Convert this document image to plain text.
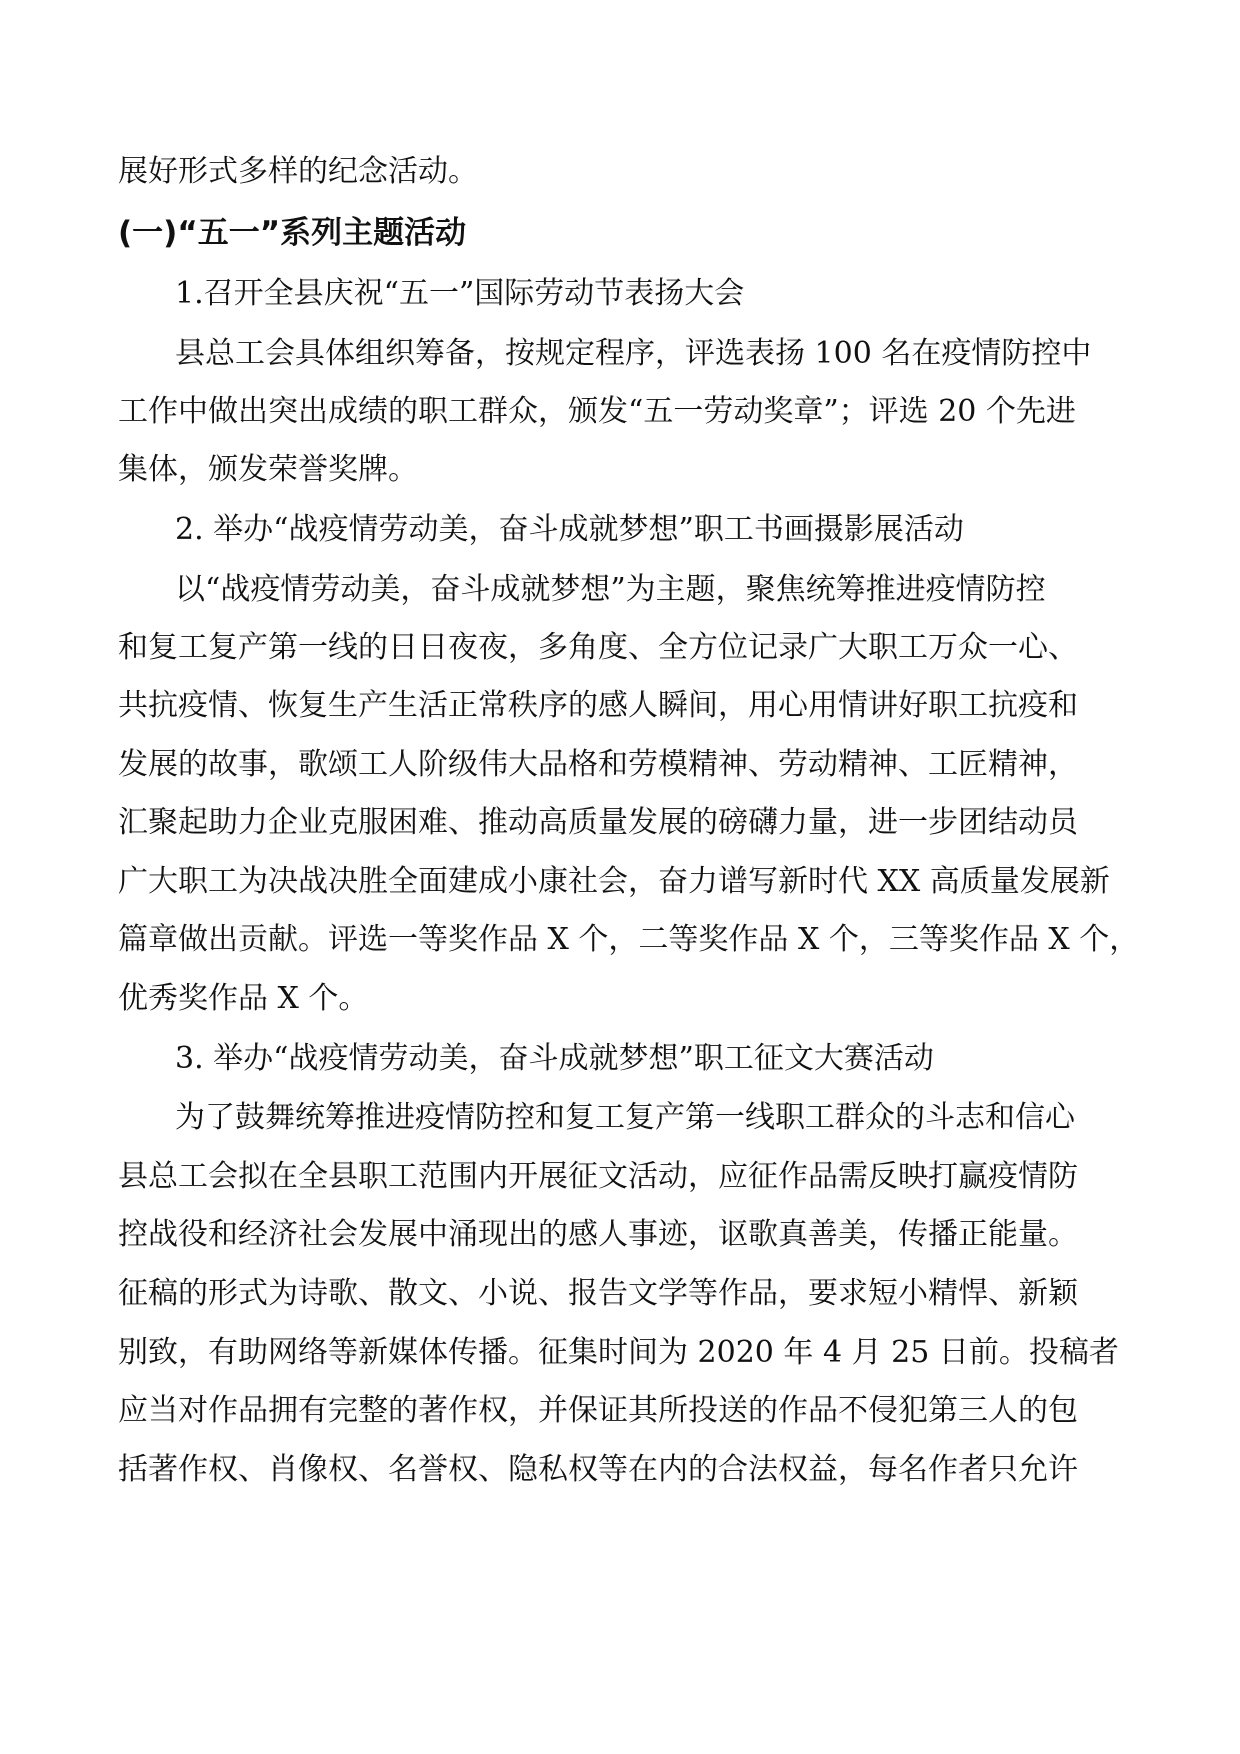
展好形式多样的纪念活动。
(一)“五一”系列主题活动
1.召开全县庆祝“五一”国际劳动节表扬大会
县总工会具体组织筹备，按规定程序，评选表扬 100 名在疫情防控中
工作中做出突出成绩的职工群众，颁发“五一劳动奖章”；评选 20 个先进
集体，颁发荣誉奖牌。
2. 举办“战疫情劳动美，奋斗成就梦想”职工书画摄影展活动
以“战疫情劳动美，奋斗成就梦想”为主题，聚焦统筹推进疫情防控
和复工复产第一线的日日夜夜，多角度、全方位记录广大职工万众一心、
共抗疫情、恢复生产生活正常秩序的感人瞬间，用心用情讲好职工抗疫和
发展的故事，歌颂工人阶级伟大品格和劳模精神、劳动精神、工匠精神，
汇聚起助力企业克服困难、推动高质量发展的磅礴力量，进一步团结动员
广大职工为决战决胜全面建成小康社会，奋力谱写新时代 XX 高质量发展新
篇章做出贡献。评选一等奖作品 X 个，二等奖作品 X 个，三等奖作品 X 个，
优秀奖作品 X 个。
3. 举办“战疫情劳动美，奋斗成就梦想”职工征文大赛活动
为了鼓舞统筹推进疫情防控和复工复产第一线职工群众的斗志和信心
县总工会拟在全县职工范围内开展征文活动，应征作品需反映打赢疫情防
控战役和经济社会发展中涌现出的感人事迹，讴歌真善美，传播正能量。
征稿的形式为诗歌、散文、小说、报告文学等作品，要求短小精悍、新颖
别致，有助网络等新媒体传播。征集时间为 2020 年 4 月 25 日前。投稿者
应当对作品拥有完整的著作权，并保证其所投送的作品不侵犯第三人的包
括著作权、肖像权、名誉权、隐私权等在内的合法权益，每名作者只允许
